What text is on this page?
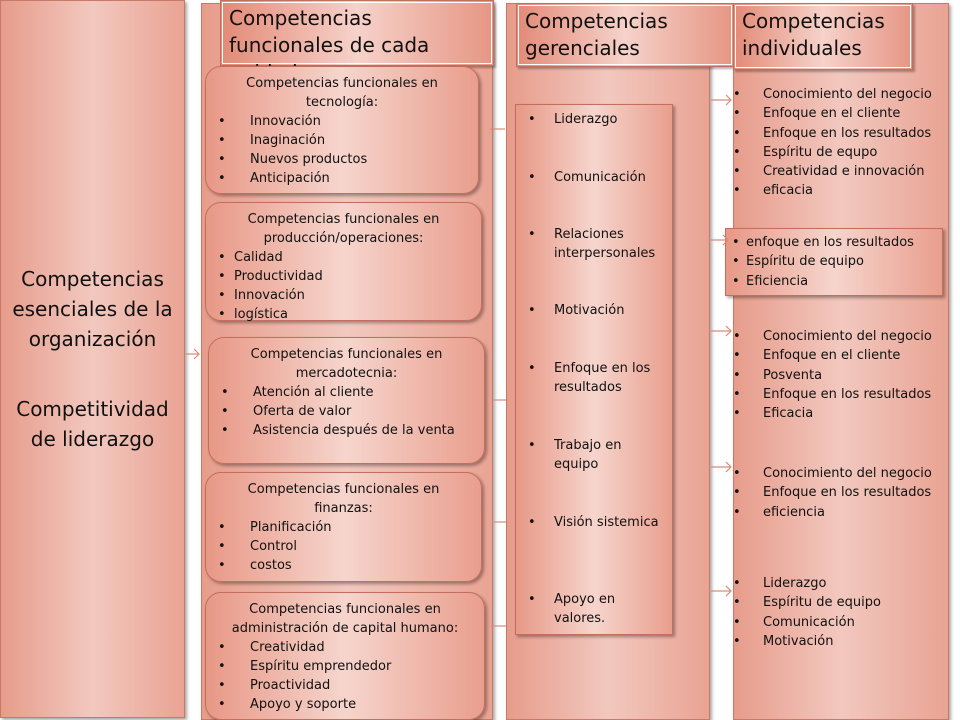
Competencias esenciales de la organización

Competitividad de liderazgo

Competencias funcionales de cada
Competencias funcionales en tecnología:
• Innovación
• Inaginación
• Nuevos productos
• Anticipación
Competencias funcionales en producción/operaciones:
• Calidad
• Productividad
• Innovación
• logística
Competencias funcionales en mercadotecnia:
• Atención al cliente
• Oferta de valor
• Asistencia después de la venta
Competencias funcionales en finanzas:
• Planificación
• Control
• costos
Competencias funcionales en administración de capital humano:
• Creatividad
• Espíritu emprendedor
• Proactividad
• Apoyo y soporte
Competencias gerenciales
• Liderazgo
• Comunicación
• Relaciones interpersonales
• Motivación
• Enfoque en los resultados
• Trabajo en equipo
• Visión sistemica
• Apoyo en valores.
Competencias individuales
• Conocimiento del negocio
• Enfoque en el cliente
• Enfoque en los resultados
• Espíritu de equpo
• Creatividad e innovación
• eficacia
• enfoque en los resultados
• Espíritu de equipo
• Eficiencia
• Conocimiento del negocio
• Enfoque en el cliente
• Posventa
• Enfoque en los resultados
• Eficacia
• Conocimiento del negocio
• Enfoque en los resultados
• eficiencia
• Liderazgo
• Espíritu de equipo
• Comunicación
• Motivación
